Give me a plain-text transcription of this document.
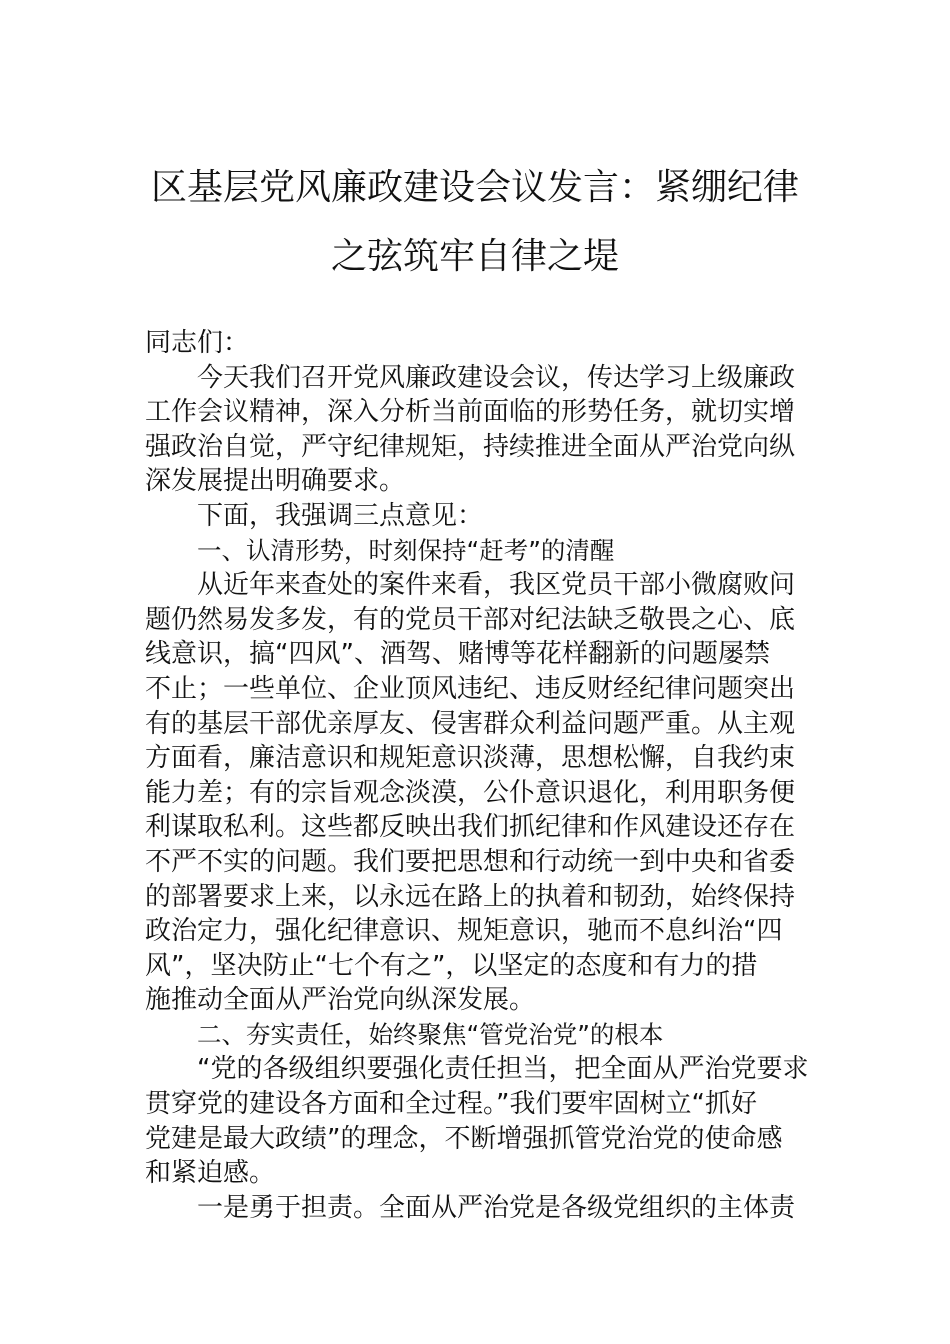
区基层党风廉政建设会议发言：紧绷纪律
之弦筑牢自律之堤
同志们：
今天我们召开党风廉政建设会议，传达学习上级廉政
工作会议精神，深入分析当前面临的形势任务，就切实增
强政治自觉，严守纪律规矩，持续推进全面从严治党向纵
深发展提出明确要求。
下面，我强调三点意见：
一、认清形势，时刻保持“赶考”的清醒
从近年来查处的案件来看，我区党员干部小微腐败问
题仍然易发多发，有的党员干部对纪法缺乏敬畏之心、底
线意识，搞“四风”、酒驾、赌博等花样翻新的问题屡禁
不止；一些单位、企业顶风违纪、违反财经纪律问题突出
有的基层干部优亲厚友、侵害群众利益问题严重。从主观
方面看，廉洁意识和规矩意识淡薄，思想松懈，自我约束
能力差；有的宗旨观念淡漠，公仆意识退化，利用职务便
利谋取私利。这些都反映出我们抓纪律和作风建设还存在
不严不实的问题。我们要把思想和行动统一到中央和省委
的部署要求上来，以永远在路上的执着和韧劲，始终保持
政治定力，强化纪律意识、规矩意识，驰而不息纠治“四
风”，坚决防止“七个有之”，以坚定的态度和有力的措
施推动全面从严治党向纵深发展。
二、夯实责任，始终聚焦“管党治党”的根本
“党的各级组织要强化责任担当，把全面从严治党要求
贯穿党的建设各方面和全过程。”我们要牢固树立“抓好
党建是最大政绩”的理念，不断增强抓管党治党的使命感
和紧迫感。
一是勇于担责。全面从严治党是各级党组织的主体责
